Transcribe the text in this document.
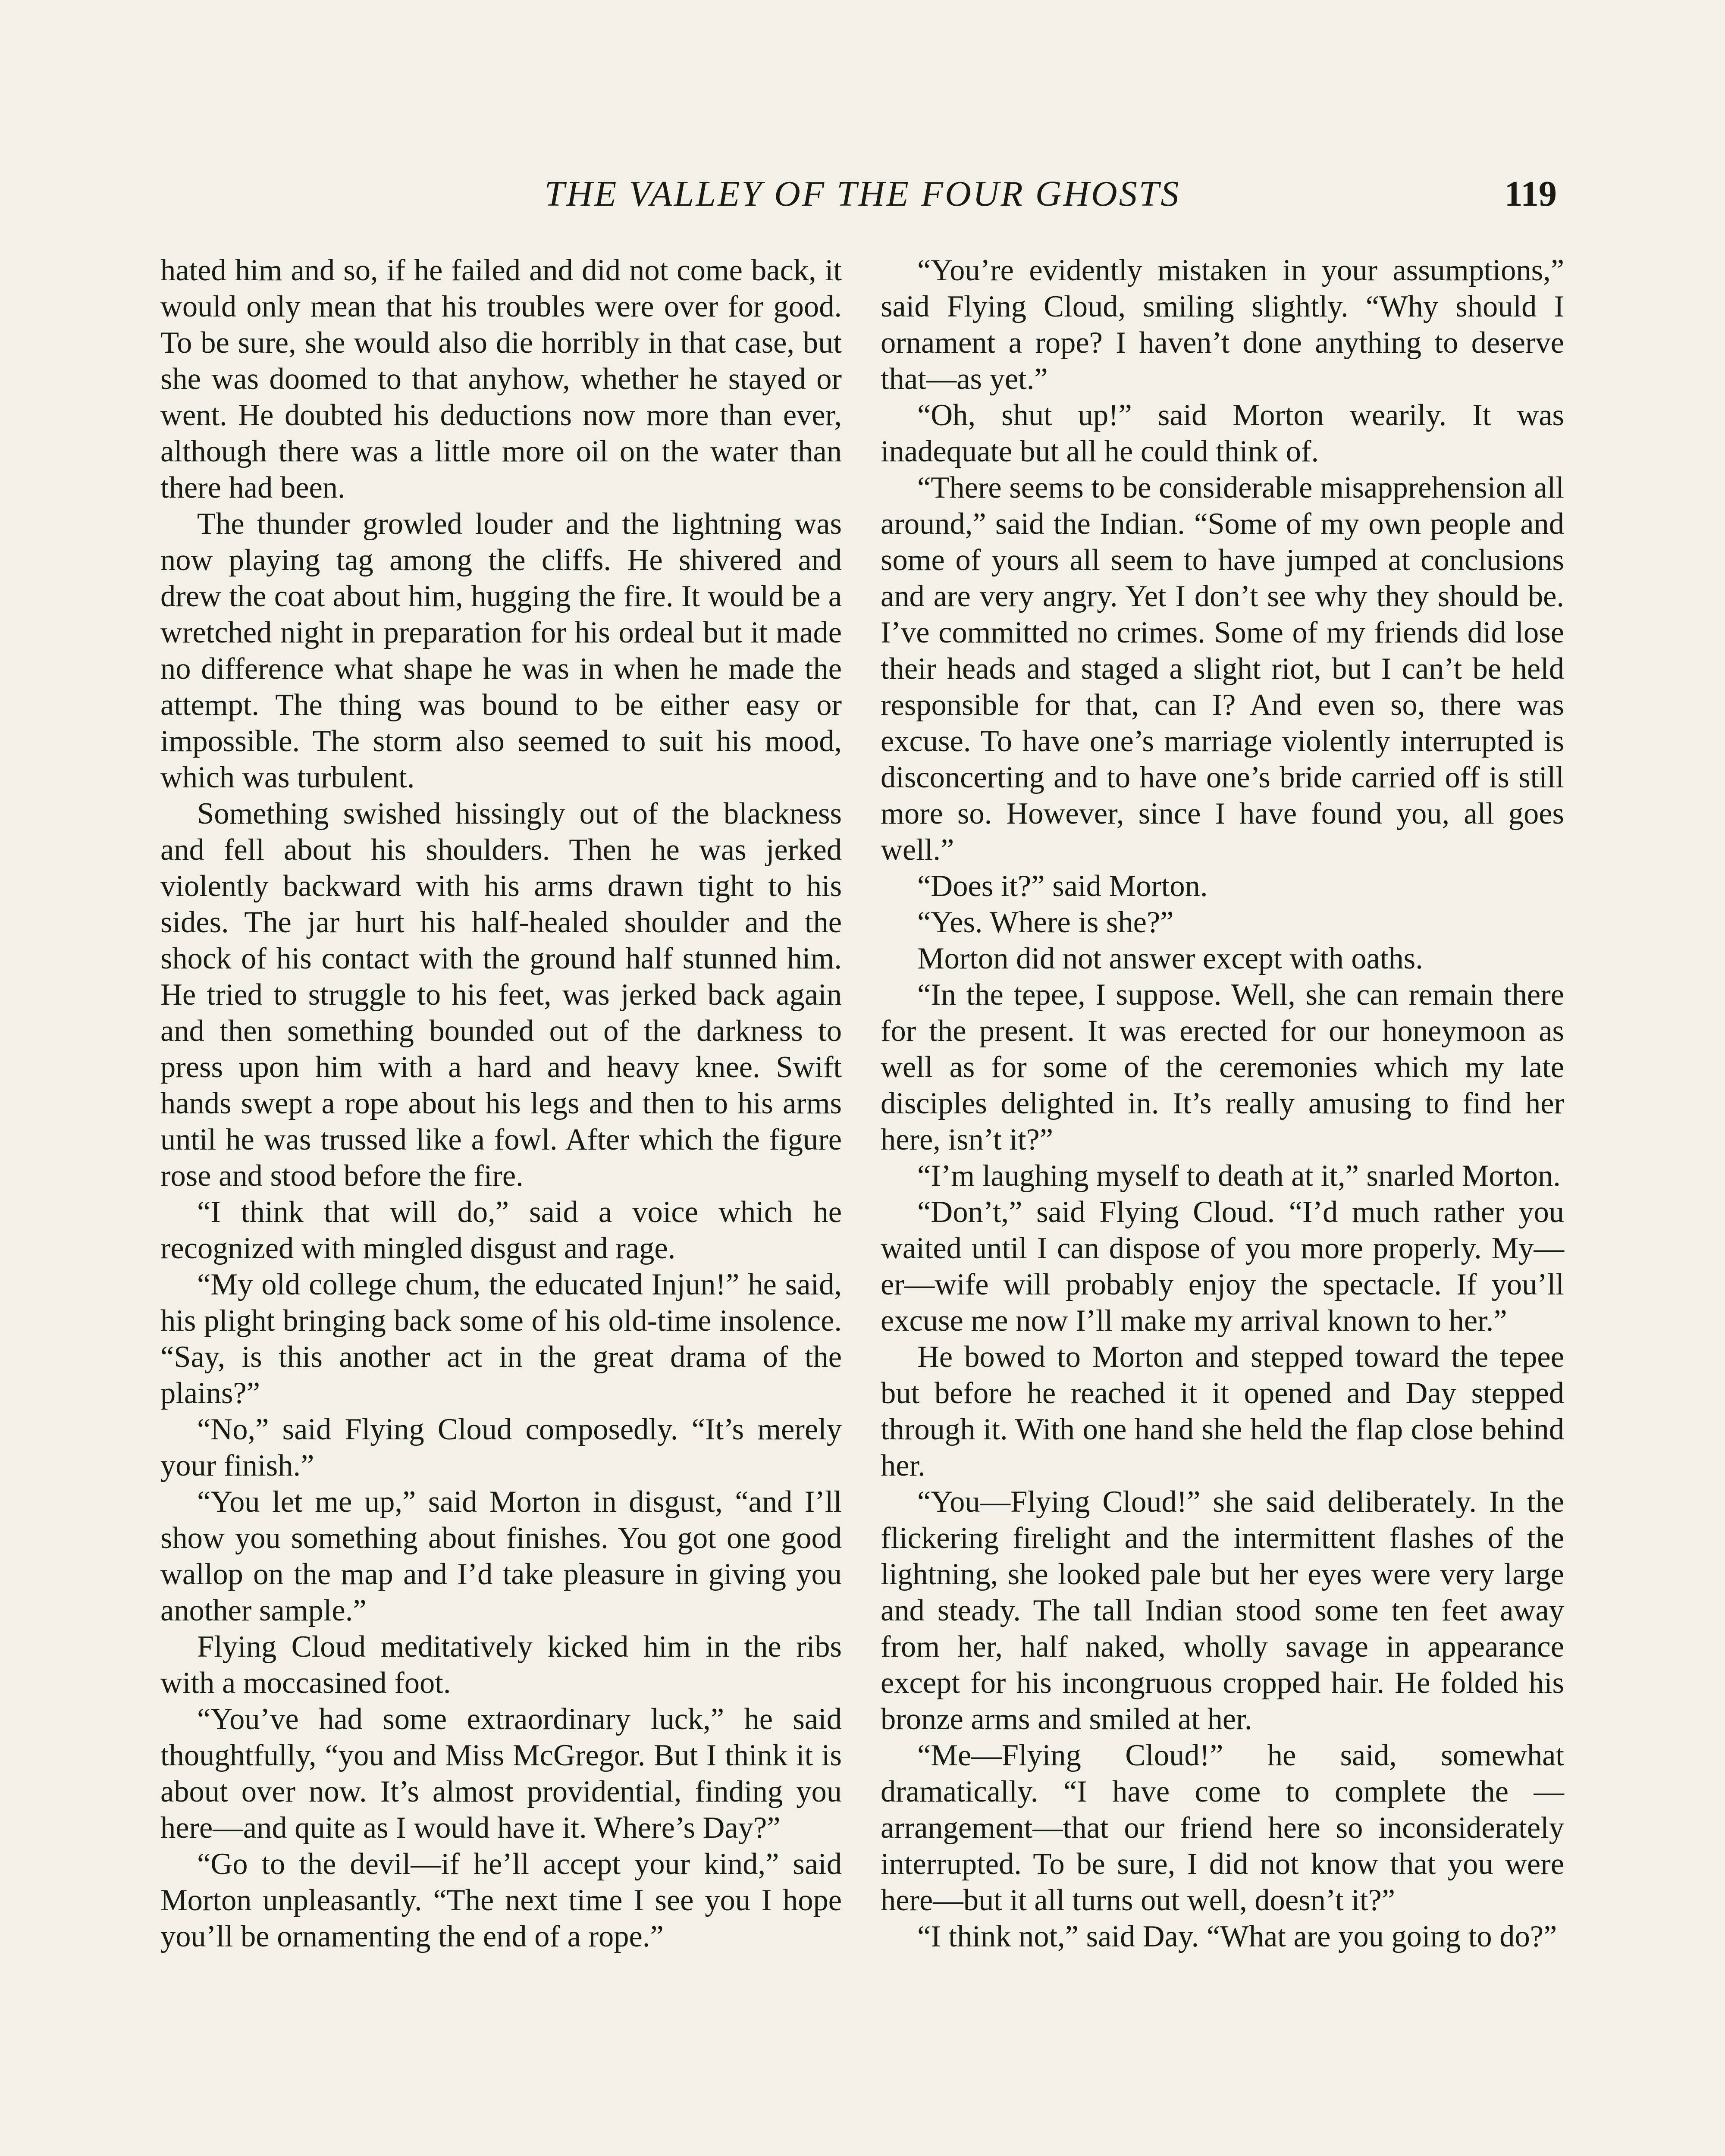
THE VALLEY OF THE FOUR GHOSTS	119

hated him and so, if he failed and did not come back, it would only mean that his troubles were over for good. To be sure, she would also die horribly in that case, but she was doomed to that anyhow, whether he stayed or went. He doubted his deductions now more than ever, although there was a little more oil on the water than there had been.

The thunder growled louder and the lightning was now playing tag among the cliffs. He shivered and drew the coat about him, hugging the fire. It would be a wretched night in preparation for his ordeal but it made no difference what shape he was in when he made the attempt. The thing was bound to be either easy or impossible. The storm also seemed to suit his mood, which was turbulent.

Something swished hissingly out of the blackness and fell about his shoulders. Then he was jerked violently backward with his arms drawn tight to his sides. The jar hurt his half-healed shoulder and the shock of his contact with the ground half stunned him. He tried to struggle to his feet, was jerked back again and then something bounded out of the darkness to press upon him with a hard and heavy knee. Swift hands swept a rope about his legs and then to his arms until he was trussed like a fowl. After which the figure rose and stood before the fire.

“I think that will do,” said a voice which he recognized with mingled disgust and rage.

“My old college chum, the educated Injun!” he said, his plight bringing back some of his old-time insolence. “Say, is this another act in the great drama of the plains?”

“No,” said Flying Cloud composedly. “It’s merely your finish.”

“You let me up,” said Morton in disgust, “and I’ll show you something about finishes. You got one good wallop on the map and I’d take pleasure in giving you another sample.”

Flying Cloud meditatively kicked him in the ribs with a moccasined foot.

“You’ve had some extraordinary luck,” he said thoughtfully, “you and Miss McGregor. But I think it is about over now. It’s almost providential, finding you here—and quite as I would have it. Where’s Day?”

“Go to the devil—if he’ll accept your kind,” said Morton unpleasantly. “The next time I see you I hope you’ll be ornamenting the end of a rope.”

“You’re evidently mistaken in your assumptions,” said Flying Cloud, smiling slightly. “Why should I ornament a rope? I haven’t done anything to deserve that—as yet.”

“Oh, shut up!” said Morton wearily. It was inadequate but all he could think of.

“There seems to be considerable misapprehension all around,” said the Indian. “Some of my own people and some of yours all seem to have jumped at conclusions and are very angry. Yet I don’t see why they should be. I’ve committed no crimes. Some of my friends did lose their heads and staged a slight riot, but I can’t be held responsible for that, can I? And even so, there was excuse. To have one’s marriage violently interrupted is disconcerting and to have one’s bride carried off is still more so. However, since I have found you, all goes well.”

“Does it?” said Morton.

“Yes. Where is she?”

Morton did not answer except with oaths.

“In the tepee, I suppose. Well, she can remain there for the present. It was erected for our honeymoon as well as for some of the ceremonies which my late disciples delighted in. It’s really amusing to find her here, isn’t it?”

“I’m laughing myself to death at it,” snarled Morton.

“Don’t,” said Flying Cloud. “I’d much rather you waited until I can dispose of you more properly. My—er—wife will probably enjoy the spectacle. If you’ll excuse me now I’ll make my arrival known to her.”

He bowed to Morton and stepped toward the tepee but before he reached it it opened and Day stepped through it. With one hand she held the flap close behind her.

“You—Flying Cloud!” she said deliberately. In the flickering firelight and the intermittent flashes of the lightning, she looked pale but her eyes were very large and steady. The tall Indian stood some ten feet away from her, half naked, wholly savage in appearance except for his incongruous cropped hair. He folded his bronze arms and smiled at her.

“Me—Flying Cloud!” he said, somewhat dramatically. “I have come to complete the —arrangement—that our friend here so inconsiderately interrupted. To be sure, I did not know that you were here—but it all turns out well, doesn’t it?”

“I think not,” said Day. “What are you going to do?”
